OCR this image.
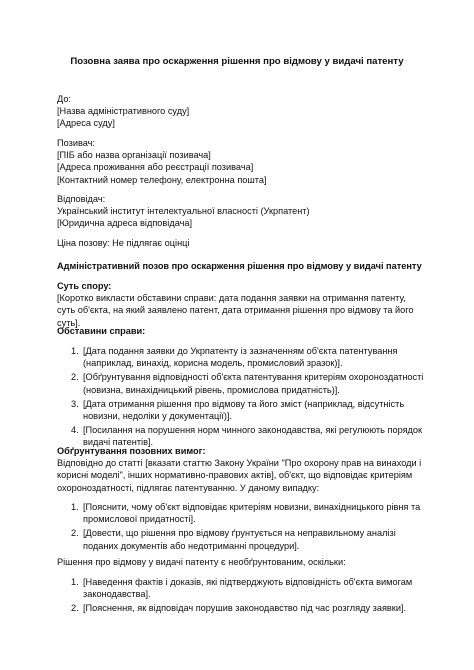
Позовна заява про оскарження рішення про відмову у видачі патенту
До:
[Назва адміністративного суду]
[Адреса суду]
Позивач:
[ПІБ або назва організації позивача]
[Адреса проживання або реєстрації позивача]
[Контактний номер телефону, електронна пошта]
Відповідач:
Український інститут інтелектуальної власності (Укрпатент)
[Юридична адреса відповідача]
Ціна позову: Не підлягає оцінці
Адміністративний позов про оскарження рішення про відмову у видачі патенту
Суть спору:
[Коротко викласти обставини справи: дата подання заявки на отримання патенту, суть об'єкта, на який заявлено патент, дата отримання рішення про відмову та його суть].
Обставини справи:
1. [Дата подання заявки до Укрпатенту із зазначенням об'єкта патентування (наприклад, винахід, корисна модель, промисловий зразок)].
2. [Обґрунтування відповідності об'єкта патентування критеріям охороноздатності (новизна, винахідницький рівень, промислова придатність)].
3. [Дата отримання рішення про відмову та його зміст (наприклад, відсутність новизни, недоліки у документації)].
4. [Посилання на порушення норм чинного законодавства, які регулюють порядок видачі патентів].
Обґрунтування позовних вимог:
Відповідно до статті [вказати статтю Закону України "Про охорону прав на винаходи і корисні моделі", інших нормативно-правових актів], об'єкт, що відповідає критеріям охороноздатності, підлягає патентуванню. У даному випадку:
1. [Пояснити, чому об'єкт відповідає критеріям новизни, винахідницького рівня та промислової придатності].
2. [Довести, що рішення про відмову ґрунтується на неправильному аналізі поданих документів або недотриманні процедури].
Рішення про відмову у видачі патенту є необґрунтованим, оскільки:
1. [Наведення фактів і доказів, які підтверджують відповідність об'єкта вимогам законодавства].
2. [Пояснення, як відповідач порушив законодавство під час розгляду заявки].
